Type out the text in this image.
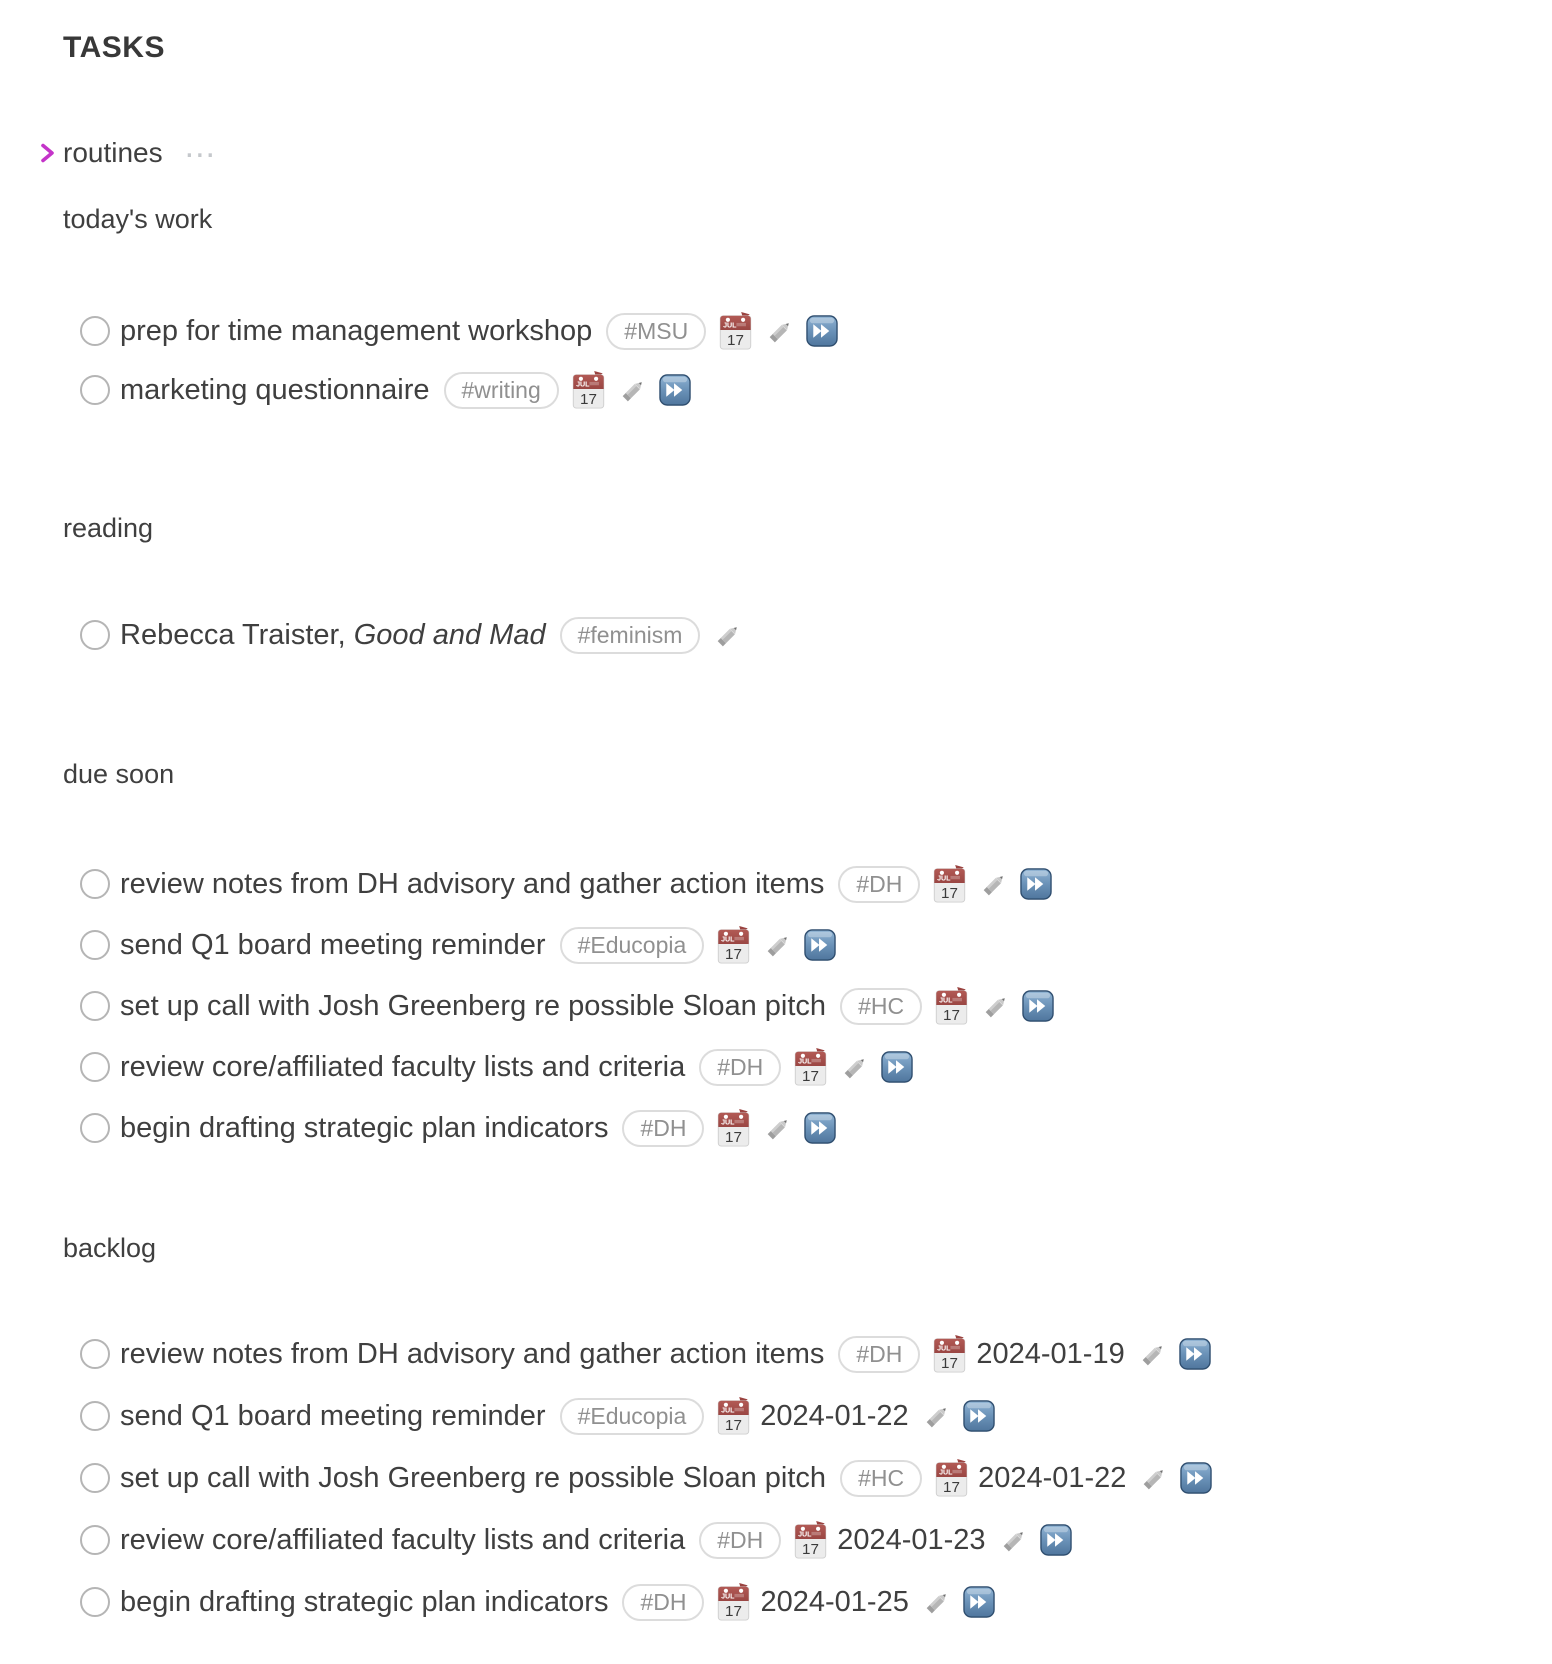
TASKS
routines ...
today's work
prep for time management workshop	#MSU	JUL
17
marketing questionnaire	#writing	JUL
17
reading
Rebecca Traister, Good and Mad	#feminism
due soon
review notes from DH advisory and gather action items	#DH	JUL
17
send Q1 board meeting reminder	#Educopia	JUL
17
set up call with Josh Greenberg re possible Sloan pitch	#HC	JUL
17
review core/affiliated faculty lists and criteria	#DH	JUL
17
begin drafting strategic plan indicators	#DH	JUL
17
backlog
review notes from DH advisory and gather action items	#DH	JUL
17 2024-01-19
send Q1 board meeting reminder	#Educopia	JUL
17 2024-01-22
set up call with Josh Greenberg re possible Sloan pitch	#HC	JUL
17 2024-01-22
review core/affiliated faculty lists and criteria	#DH	JUL
17 2024-01-23
begin drafting strategic plan indicators	#DH	JUL
17 2024-01-25
